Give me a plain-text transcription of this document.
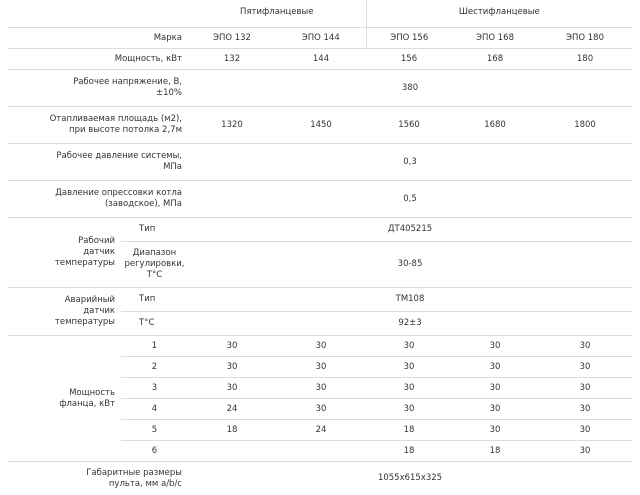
		Пятифланцевые		Шестифланцевые		
Марка		ЭПО 132	ЭПО 144	ЭПО 156	ЭПО 168	ЭПО 180
Мощность, кВт		132	144	156	168	180
Рабочее напряжение, В,
±10%		380				
Отапливаемая площадь (м2),
при высоте потолка 2,7м		1320	1450	1560	1680	1800
Рабочее давление системы,
МПа		0,3				
Давление опрессовки котла
(заводское), МПа		0,5				
Рабочий
датчик
температуры	Тип	ДТ405215				
	Диапазон
регулировки,
Т°С	30-85				
Аварийный
датчик
температуры	Тип	ТМ108				
	Т°С	92±3				
Мощность
фланца, кВт	1	30	30	30	30	30
	2	30	30	30	30	30
	3	30	30	30	30	30
	4	24	30	30	30	30
	5	18	24	18	30	30
	6			18	18	30
Габаритные размеры
пульта, мм a/b/c		1055х615х325				
